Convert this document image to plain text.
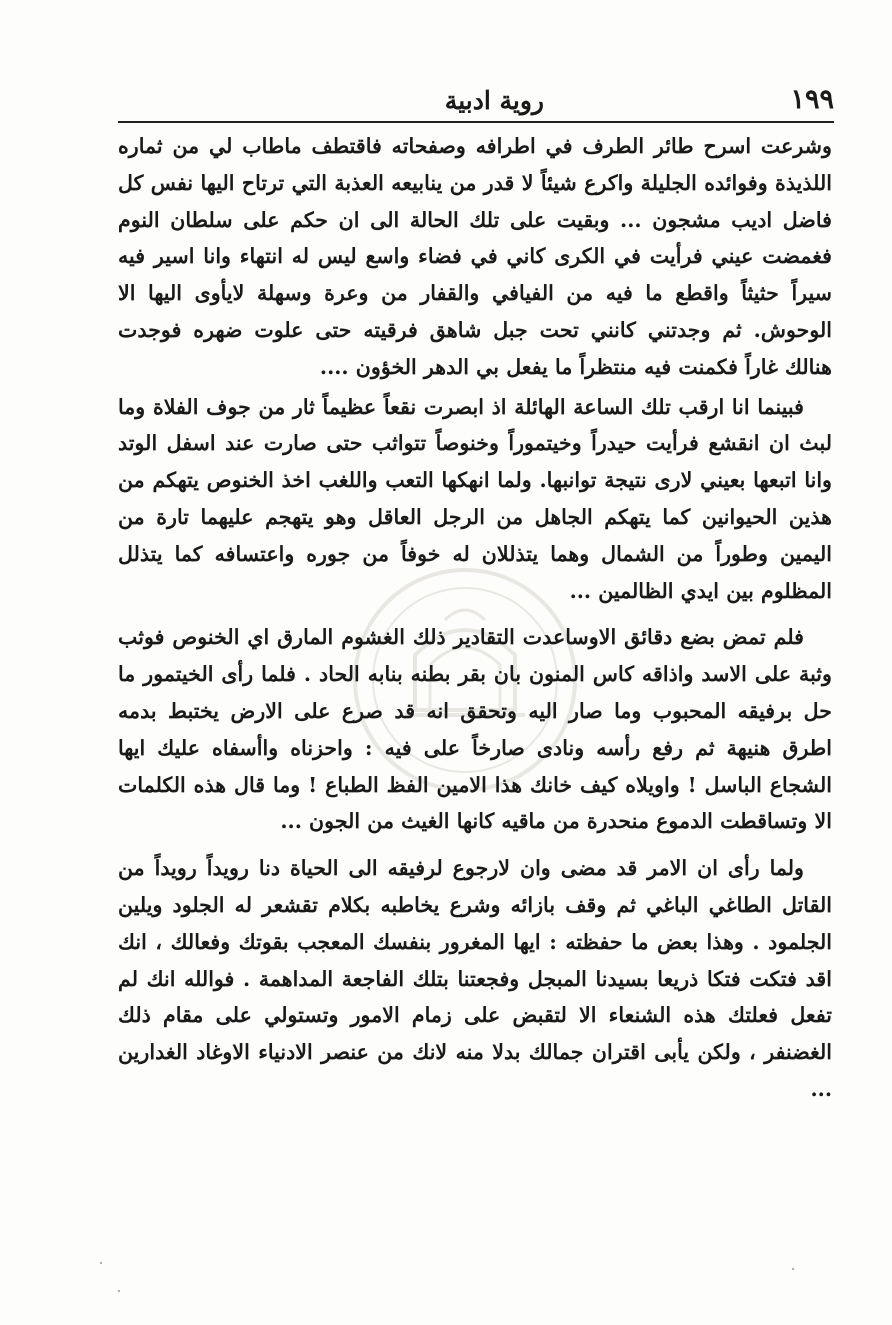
١٩٩
روية ادبية

وشرعت اسرح طائر الطرف في اطرافه وصفحاته فاقتطف ماطاب لي من ثماره اللذيذة وفوائده الجليلة واكرع شيئاً لا قدر من ينابيعه العذبة التي ترتاح اليها نفس كل فاضل اديب مشجون ... وبقيت على تلك الحالة الى ان حكم على سلطان النوم فغمضت عيني فرأيت في الكرى كاني في فضاء واسع ليس له انتهاء وانا اسير فيه سيراً حثيثاً واقطع ما فيه من الفيافي والقفار من وعرة وسهلة لايأوى اليها الا الوحوش. ثم وجدتني كانني تحت جبل شاهق فرقيته حتى علوت ضهره فوجدت هنالك غاراً فكمنت فيه منتظراً ما يفعل بي الدهر الخؤون ....

فبينما انا ارقب تلك الساعة الهائلة اذ ابصرت نقعاً عظيماً ثار من جوف الفلاة وما لبث ان انقشع فرأيت حيدراً وخيتموراً وخنوصاً تتواثب حتى صارت عند اسفل الوتد وانا اتبعها بعيني لارى نتيجة توانبها. ولما انهكها التعب واللغب اخذ الخنوص يتهكم من هذين الحيوانين كما يتهكم الجاهل من الرجل العاقل وهو يتهجم عليهما تارة من اليمين وطوراً من الشمال وهما يتذللان له خوفاً من جوره واعتسافه كما يتذلل المظلوم بين ايدي الظالمين ...

فلم تمض بضع دقائق الاوساعدت التقادير ذلك الغشوم المارق اي الخنوص فوثب وثبة على الاسد واذاقه كاس المنون بان بقر بطنه بنابه الحاد . فلما رأى الخيتمور ما حل برفيقه المحبوب وما صار اليه وتحقق انه قد صرع على الارض يختبط بدمه اطرق هنيهة ثم رفع رأسه ونادى صارخاً على فيه : واحزناه واأسفاه عليك ايها الشجاع الباسل ! واويلاه كيف خانك هذا الامين الفظ الطباع ! وما قال هذه الكلمات الا وتساقطت الدموع منحدرة من ماقيه كانها الغيث من الجون ...

ولما رأى ان الامر قد مضى وان لارجوع لرفيقه الى الحياة دنا رويداً رويداً من القاتل الطاغي الباغي ثم وقف بازائه وشرع يخاطبه بكلام تقشعر له الجلود ويلين الجلمود . وهذا بعض ما حفظته : ايها المغرور بنفسك المعجب بقوتك وفعالك ، انك اقد فتكت فتكا ذريعا بسيدنا المبجل وفجعتنا بتلك الفاجعة المداهمة . فوالله انك لم تفعل فعلتك هذه الشنعاء الا لتقبض على زمام الامور وتستولي على مقام ذلك الغضنفر ، ولكن يأبى اقتران جمالك بدلا منه لانك من عنصر الادنياء الاوغاد الغدارين ...
